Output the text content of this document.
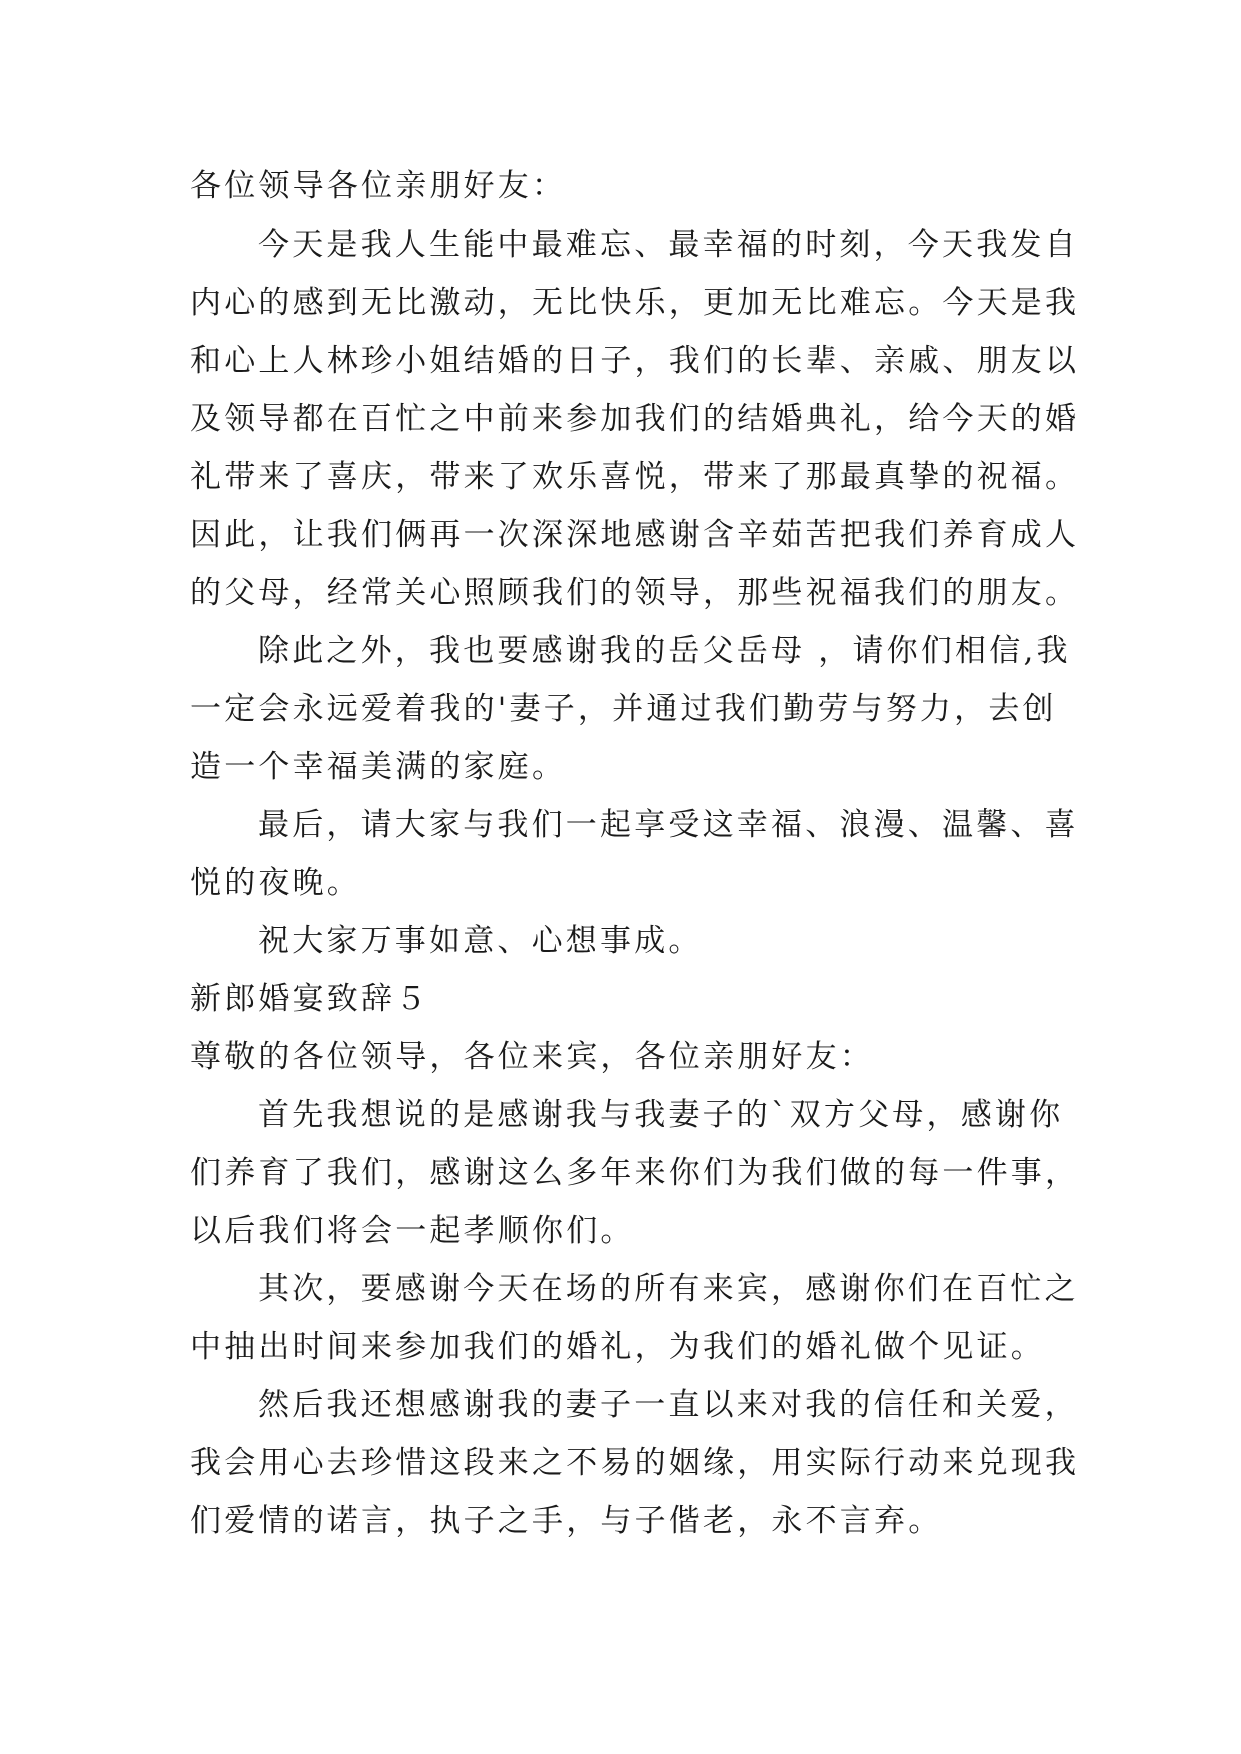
各位领导各位亲朋好友：
今天是我人生能中最难忘、最幸福的时刻，今天我发自
内心的感到无比激动，无比快乐，更加无比难忘。今天是我
和心上人林珍小姐结婚的日子，我们的长辈、亲戚、朋友以
及领导都在百忙之中前来参加我们的结婚典礼，给今天的婚
礼带来了喜庆，带来了欢乐喜悦，带来了那最真挚的祝福。
因此，让我们俩再一次深深地感谢含辛茹苦把我们养育成人
的父母，经常关心照顾我们的领导，那些祝福我们的朋友。
除此之外，我也要感谢我的岳父岳母 ，请你们相信,我
一定会永远爱着我的'妻子，并通过我们勤劳与努力，去创
造一个幸福美满的家庭。
最后，请大家与我们一起享受这幸福、浪漫、温馨、喜
悦的夜晚。
祝大家万事如意、心想事成。
新郎婚宴致辞５
尊敬的各位领导，各位来宾，各位亲朋好友：
首先我想说的是感谢我与我妻子的`双方父母，感谢你
们养育了我们，感谢这么多年来你们为我们做的每一件事，
以后我们将会一起孝顺你们。
其次，要感谢今天在场的所有来宾，感谢你们在百忙之
中抽出时间来参加我们的婚礼，为我们的婚礼做个见证。
然后我还想感谢我的妻子一直以来对我的信任和关爱，
我会用心去珍惜这段来之不易的姻缘，用实际行动来兑现我
们爱情的诺言，执子之手，与子偕老，永不言弃。
